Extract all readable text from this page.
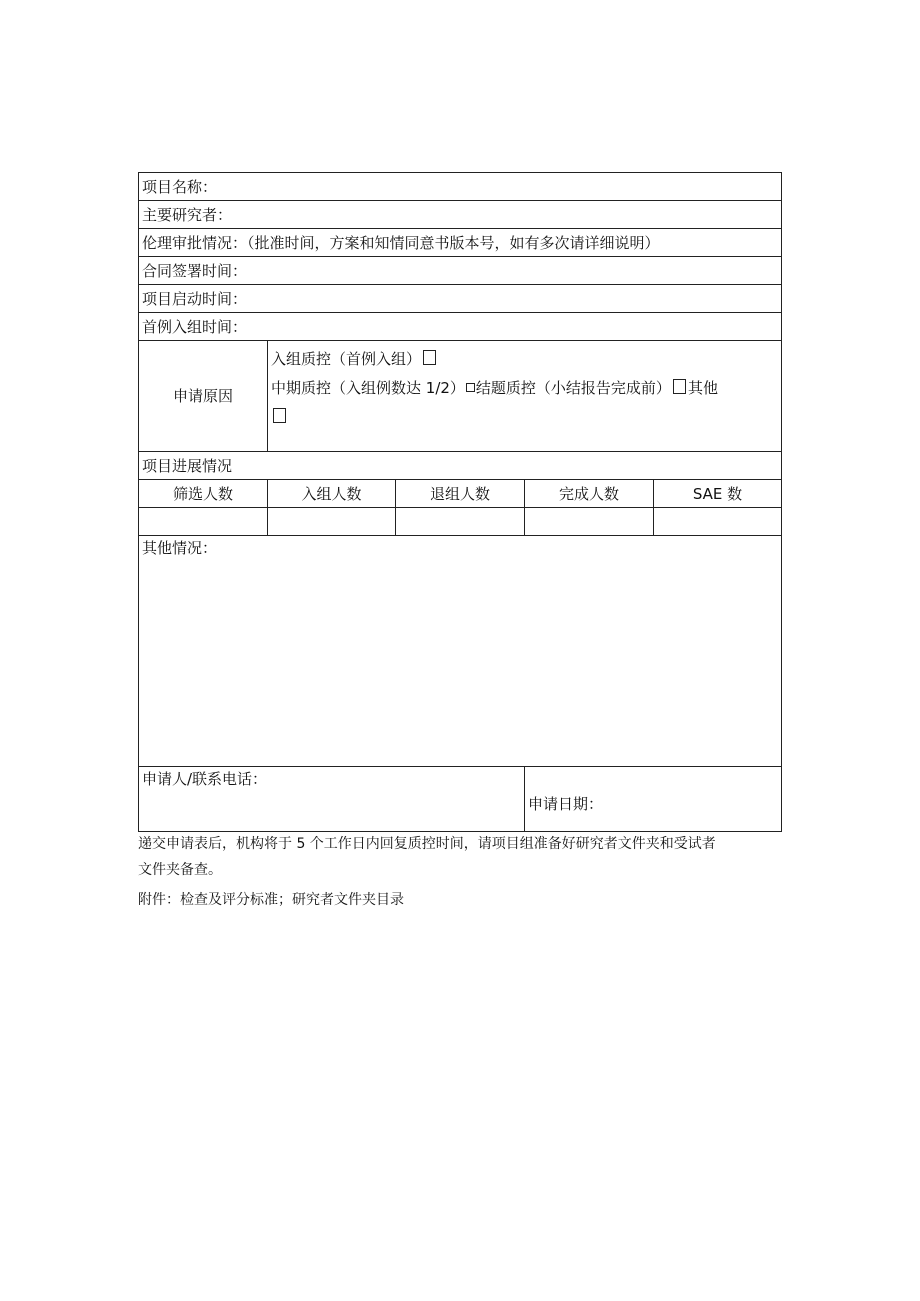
项目名称：				
主要研究者：				
伦理审批情况：（批准时间，方案和知情同意书版本号，如有多次请详细说明）				
合同签署时间：				
项目启动时间：				
首例入组时间：				
申请原因	入组质控（首例入组）
中期质控（入组例数达 1/2） 结题质控（小结报告完成前） 其他			

项目进展情况				
筛选人数	入组人数	退组人数	完成人数	SAE 数

其他情况：				
申请人/联系电话：			申请日期：	
递交申请表后，机构将于 5 个工作日内回复质控时间，请项目组准备好研究者文件夹和受试者
文件夹备查。
附件：检查及评分标准；研究者文件夹目录
